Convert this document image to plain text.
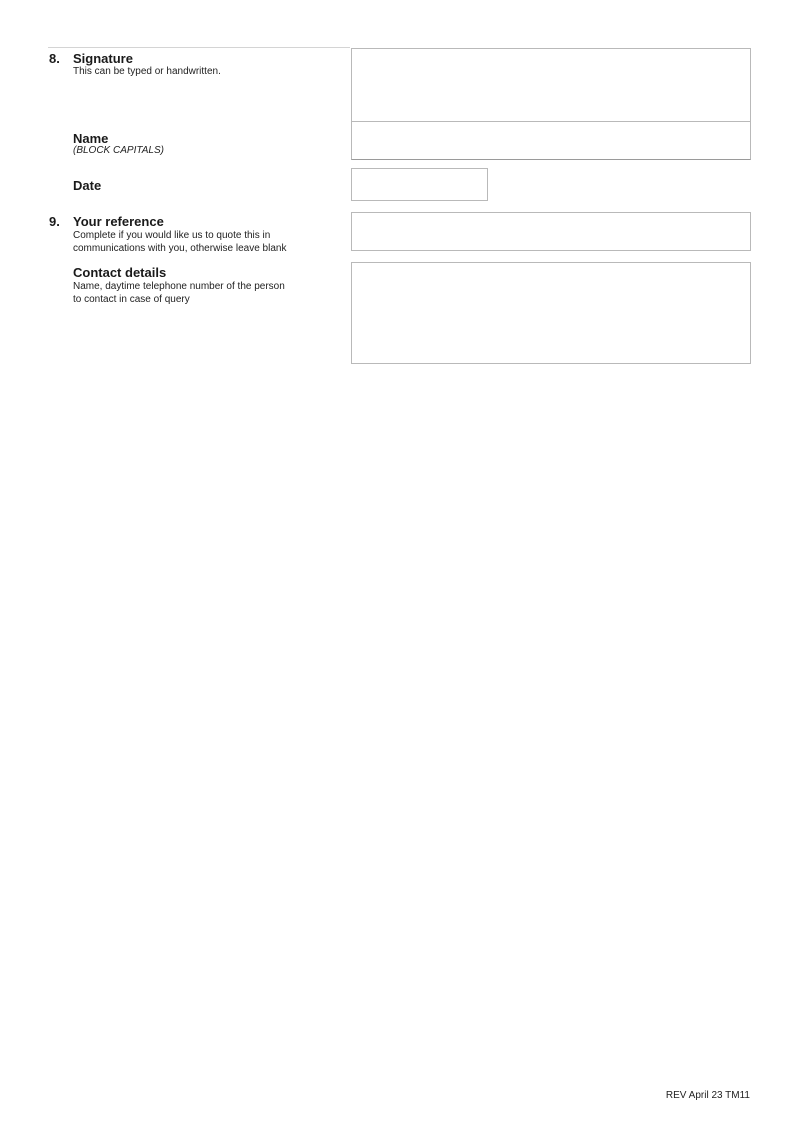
8. Signature
This can be typed or handwritten.
Name
(BLOCK CAPITALS)
Date
9. Your reference
Complete if you would like us to quote this in
communications with you, otherwise leave blank
Contact details
Name, daytime telephone number of the person
to contact in case of query
REV April 23 TM11
